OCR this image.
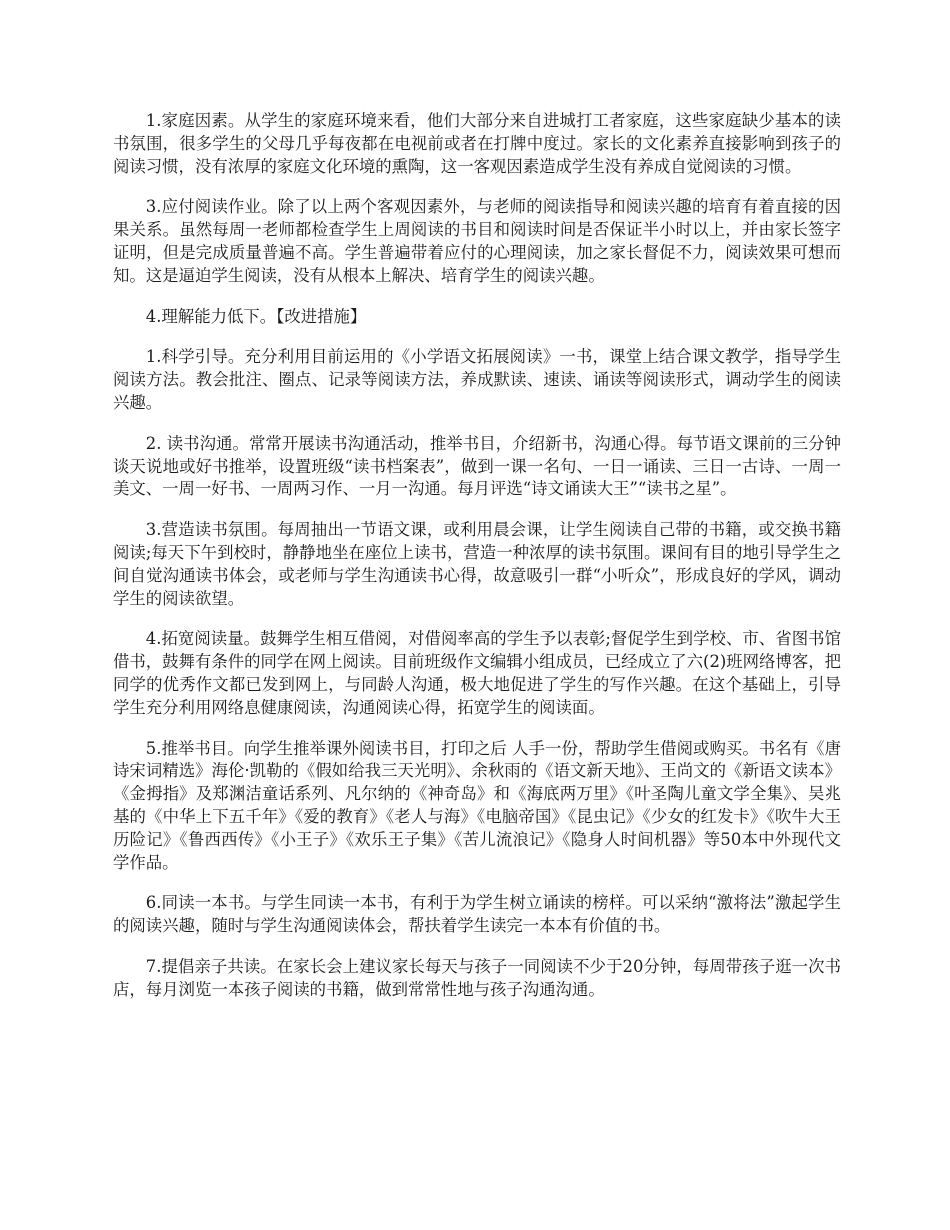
1.家庭因素。从学生的家庭环境来看，他们大部分来自进城打工者家庭，这些家庭缺少基本的读书氛围，很多学生的父母几乎每夜都在电视前或者在打牌中度过。家长的文化素养直接影响到孩子的阅读习惯，没有浓厚的家庭文化环境的熏陶，这一客观因素造成学生没有养成自觉阅读的习惯。

3.应付阅读作业。除了以上两个客观因素外，与老师的阅读指导和阅读兴趣的培育有着直接的因果关系。虽然每周一老师都检查学生上周阅读的书目和阅读时间是否保证半小时以上，并由家长签字证明，但是完成质量普遍不高。学生普遍带着应付的心理阅读，加之家长督促不力，阅读效果可想而知。这是逼迫学生阅读，没有从根本上解决、培育学生的阅读兴趣。

4.理解能力低下。【改进措施】

1.科学引导。充分利用目前运用的《小学语文拓展阅读》一书，课堂上结合课文教学，指导学生阅读方法。教会批注、圈点、记录等阅读方法，养成默读、速读、诵读等阅读形式，调动学生的阅读兴趣。

2. 读书沟通。常常开展读书沟通活动，推举书目，介绍新书，沟通心得。每节语文课前的三分钟谈天说地或好书推举，设置班级“读书档案表”，做到一课一名句、一日一诵读、三日一古诗、一周一美文、一周一好书、一周两习作、一月一沟通。每月评选“诗文诵读大王”“读书之星”。

3.营造读书氛围。每周抽出一节语文课，或利用晨会课，让学生阅读自己带的书籍，或交换书籍阅读;每天下午到校时，静静地坐在座位上读书，营造一种浓厚的读书氛围。课间有目的地引导学生之间自觉沟通读书体会，或老师与学生沟通读书心得，故意吸引一群“小听众”，形成良好的学风，调动学生的阅读欲望。

4.拓宽阅读量。鼓舞学生相互借阅，对借阅率高的学生予以表彰;督促学生到学校、市、省图书馆借书，鼓舞有条件的同学在网上阅读。目前班级作文编辑小组成员，已经成立了六(2)班网络博客，把同学的优秀作文都已发到网上，与同龄人沟通，极大地促进了学生的写作兴趣。在这个基础上，引导学生充分利用网络息健康阅读，沟通阅读心得，拓宽学生的阅读面。

5.推举书目。向学生推举课外阅读书目，打印之后 人手一份，帮助学生借阅或购买。书名有《唐诗宋词精选》海伦·凯勒的《假如给我三天光明》、余秋雨的《语文新天地》、王尚文的《新语文读本》《金拇指》及郑渊洁童话系列、凡尔纳的《神奇岛》和《海底两万里》《叶圣陶儿童文学全集》、吴兆基的《中华上下五千年》《爱的教育》《老人与海》《电脑帝国》《昆虫记》《少女的红发卡》《吹牛大王历险记》《鲁西西传》《小王子》《欢乐王子集》《苦儿流浪记》《隐身人时间机器》等50本中外现代文学作品。

6.同读一本书。与学生同读一本书，有利于为学生树立诵读的榜样。可以采纳“激将法”激起学生的阅读兴趣，随时与学生沟通阅读体会，帮扶着学生读完一本本有价值的书。

7.提倡亲子共读。在家长会上建议家长每天与孩子一同阅读不少于20分钟，每周带孩子逛一次书店，每月浏览一本孩子阅读的书籍，做到常常性地与孩子沟通沟通。
